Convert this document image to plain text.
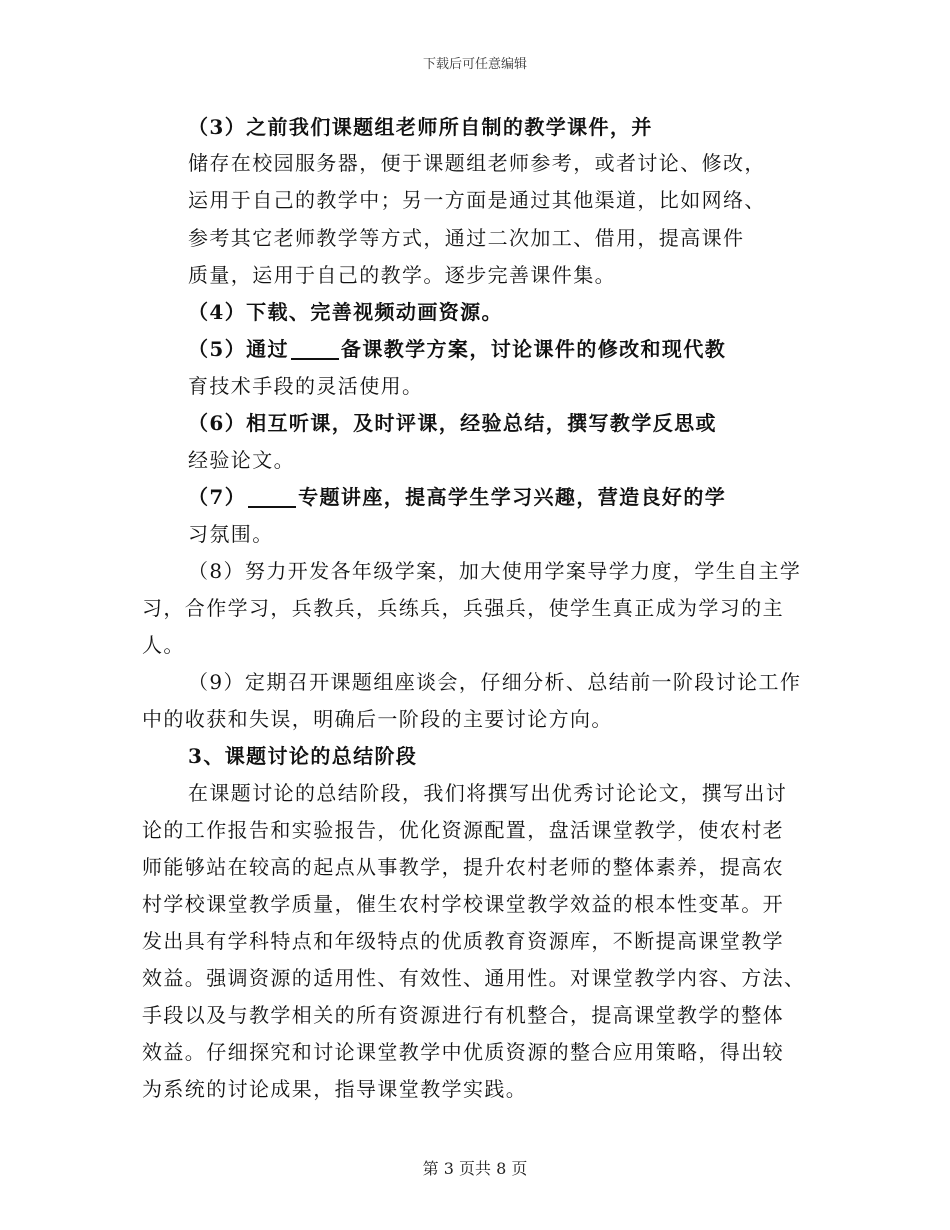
下载后可任意编辑
（3）之前我们课题组老师所自制的教学课件，并
储存在校园服务器，便于课题组老师参考，或者讨论、修改，
运用于自己的教学中；另一方面是通过其他渠道，比如网络、
参考其它老师教学等方式，通过二次加工、借用，提高课件
质量，运用于自己的教学。逐步完善课件集。
（4）下载、完善视频动画资源。
（5）通过	备课教学方案，讨论课件的修改和现代教
育技术手段的灵活使用。
（6）相互听课，及时评课，经验总结，撰写教学反思或
经验论文。
（7）	专题讲座，提高学生学习兴趣，营造良好的学
习氛围。
（8）努力开发各年级学案，加大使用学案导学力度，学生自主学
习，合作学习，兵教兵，兵练兵，兵强兵，使学生真正成为学习的主
人。
（9）定期召开课题组座谈会，仔细分析、总结前一阶段讨论工作
中的收获和失误，明确后一阶段的主要讨论方向。
3、课题讨论的总结阶段
在课题讨论的总结阶段，我们将撰写出优秀讨论论文，撰写出讨
论的工作报告和实验报告，优化资源配置，盘活课堂教学，使农村老
师能够站在较高的起点从事教学，提升农村老师的整体素养，提高农
村学校课堂教学质量，催生农村学校课堂教学效益的根本性变革。开
发出具有学科特点和年级特点的优质教育资源库，不断提高课堂教学
效益。强调资源的适用性、有效性、通用性。对课堂教学内容、方法、
手段以及与教学相关的所有资源进行有机整合，提高课堂教学的整体
效益。仔细探究和讨论课堂教学中优质资源的整合应用策略，得出较
为系统的讨论成果，指导课堂教学实践。
第 3 页共 8 页
